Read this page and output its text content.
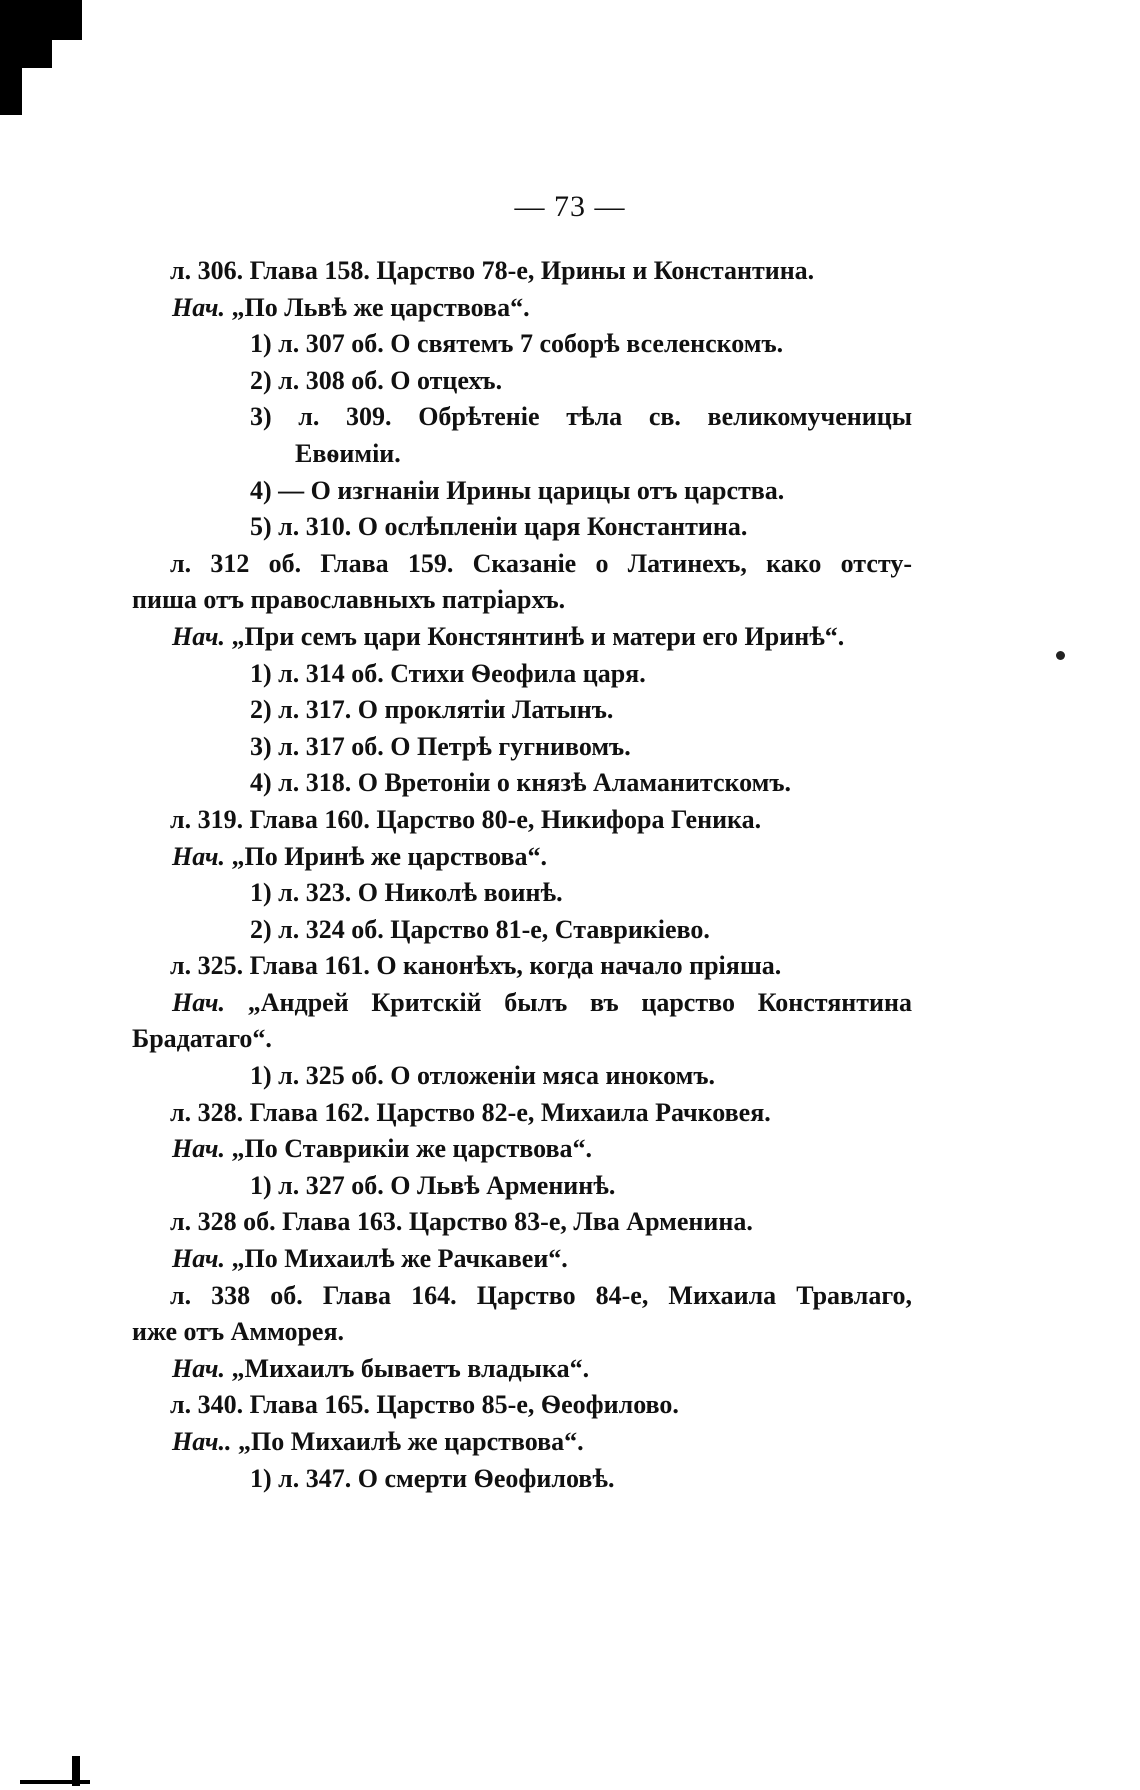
— 73 —
л. 306. Глава 158. Царство 78-е, Ирины и Константина.
Нач. „По Львѣ же царствова“.
1) л. 307 об. О святемъ 7 соборѣ вселенскомъ.
2) л. 308 об. О отцехъ.
3) л. 309. Обрѣтеніе тѣла св. великомученицы
Евѳиміи.
4) — О изгнаніи Ирины царицы отъ царства.
5) л. 310. О ослѣпленіи царя Константина.
л. 312 об. Глава 159. Сказаніе о Латинехъ, како отсту-
пиша отъ православныхъ патріархъ.
Нач. „При семъ цари Констянтинѣ и матери его Иринѣ“.
1) л. 314 об. Стихи Ѳеофила царя.
2) л. 317. О проклятіи Латынъ.
3) л. 317 об. О Петрѣ гугнивомъ.
4) л. 318. О Вретоніи о князѣ Аламанитскомъ.
л. 319. Глава 160. Царство 80-е, Никифора Геника.
Нач. „По Иринѣ же царствова“.
1) л. 323. О Николѣ воинѣ.
2) л. 324 об. Царство 81-е, Ставрикіево.
л. 325. Глава 161. О канонѣхъ, когда начало пріяша.
Нач. „Андрей Критскій былъ въ царство Констянтина
Брадатаго“.
1) л. 325 об. О отложеніи мяса инокомъ.
л. 328. Глава 162. Царство 82-е, Михаила Рачковея.
Нач. „По Ставрикіи же царствова“.
1) л. 327 об. О Львѣ Арменинѣ.
л. 328 об. Глава 163. Царство 83-е, Лва Арменина.
Нач. „По Михаилѣ же Рачкавеи“.
л. 338 об. Глава 164. Царство 84-е, Михаила Травлаго,
иже отъ Амморея.
Нач. „Михаилъ бываетъ владыка“.
л. 340. Глава 165. Царство 85-е, Ѳеофилово.
Нач.. „По Михаилѣ же царствова“.
1) л. 347. О смерти Ѳеофиловѣ.
